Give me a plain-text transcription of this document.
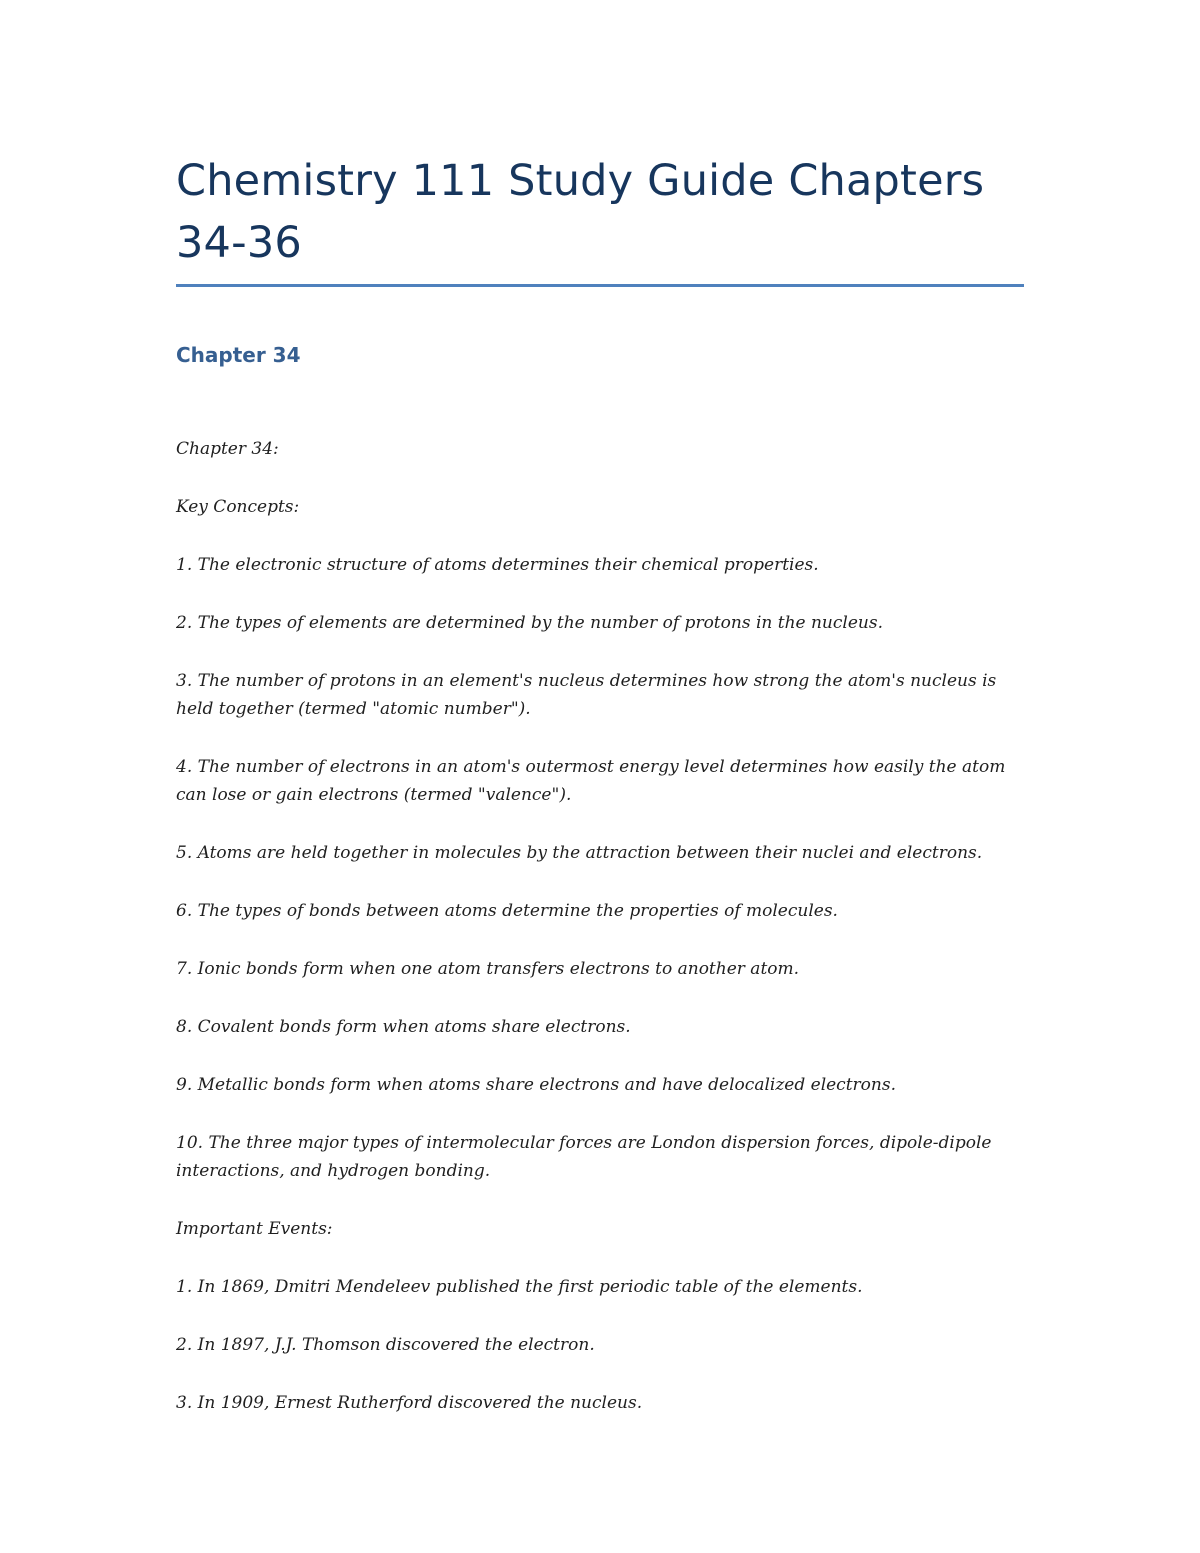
Chemistry 111 Study Guide Chapters 34-36
Chapter 34

Chapter 34:

Key Concepts:

1. The electronic structure of atoms determines their chemical properties.

2. The types of elements are determined by the number of protons in the nucleus.

3. The number of protons in an element's nucleus determines how strong the atom's nucleus is held together (termed "atomic number").

4. The number of electrons in an atom's outermost energy level determines how easily the atom can lose or gain electrons (termed "valence").

5. Atoms are held together in molecules by the attraction between their nuclei and electrons.

6. The types of bonds between atoms determine the properties of molecules.

7. Ionic bonds form when one atom transfers electrons to another atom.

8. Covalent bonds form when atoms share electrons.

9. Metallic bonds form when atoms share electrons and have delocalized electrons.

10. The three major types of intermolecular forces are London dispersion forces, dipole-dipole interactions, and hydrogen bonding.

Important Events:

1. In 1869, Dmitri Mendeleev published the first periodic table of the elements.

2. In 1897, J.J. Thomson discovered the electron.

3. In 1909, Ernest Rutherford discovered the nucleus.
